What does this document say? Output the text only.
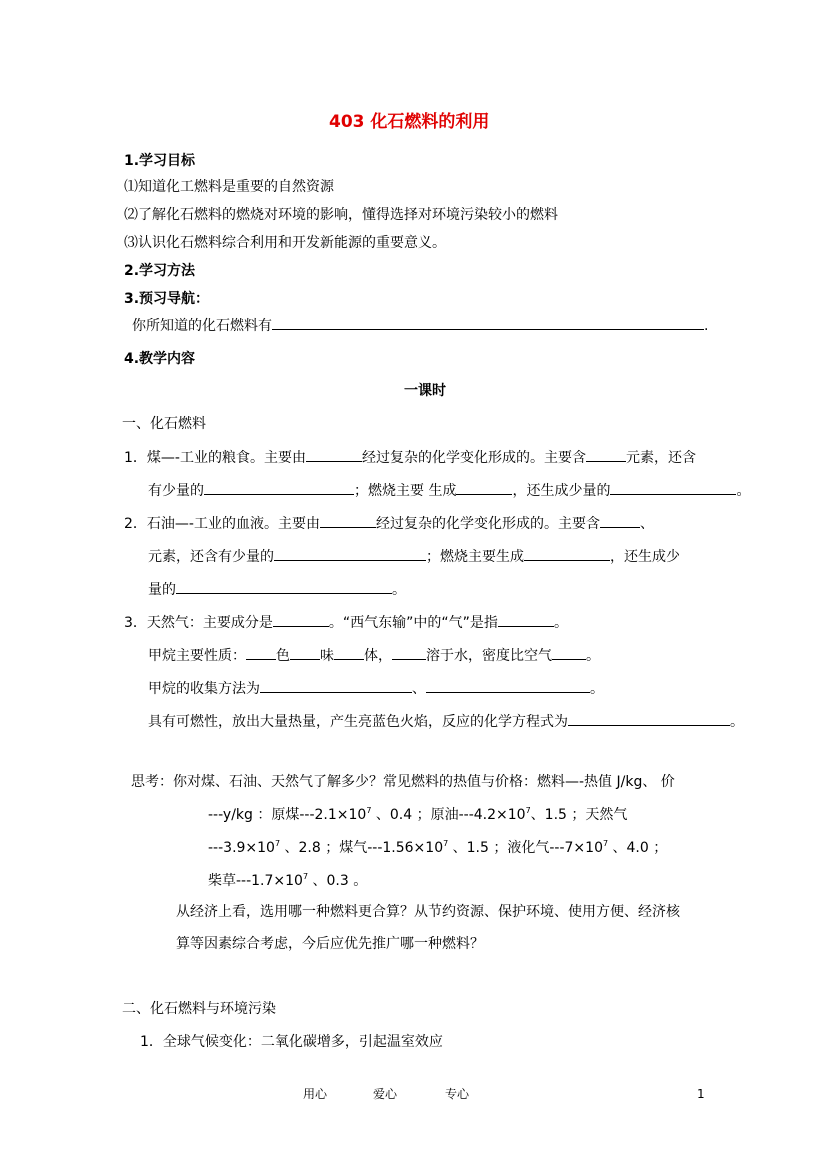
403 化石燃料的利用
1.学习目标
⑴知道化工燃料是重要的自然资源
⑵了解化石燃料的燃烧对环境的影响，懂得选择对环境污染较小的燃料
⑶认识化石燃料综合利用和开发新能源的重要意义。
2.学习方法
3.预习导航：
你所知道的化石燃料有	.
4.教学内容
一课时
一、化石燃料
1．煤—-工业的粮食。主要由	经过复杂的化学变化形成的。主要含	元素，还含
有少量的	；燃烧主要 生成	，还生成少量的	。
2．石油—-工业的血液。主要由	经过复杂的化学变化形成的。主要含	、
元素，还含有少量的	；燃烧主要生成	，还生成少
量的	。
3．天然气：主要成分是	。“西气东输”中的“气”是指	。
甲烷主要性质： 色 味 体， 溶于水，密度比空气 。
甲烷的收集方法为	、	。
具有可燃性，放出大量热量，产生亮蓝色火焰，反应的化学方程式为	。
思考：你对煤、石油、天然气了解多少？常见燃料的热值与价格：燃料—-热值 J/kg、 价
---y/kg ：原煤$---2.1\times 10^7$ 、0.4 ；原油$---4.2\times 10^7$、1.5 ；天然气
$---3.9\times 10^7$ 、2.8 ；煤气$---1.56\times 10^7$ 、1.5 ；液化气$---7\times 10^7$ 、4.0 ；
柴草$---1.7\times 10^7$ 、0.3 。
从经济上看，选用哪一种燃料更合算？从节约资源、保护环境、使用方便、经济核
算等因素综合考虑，今后应优先推广哪一种燃料？
二、化石燃料与环境污染
1．全球气候变化：二氧化碳增多，引起温室效应
用心	爱心	专心	1
